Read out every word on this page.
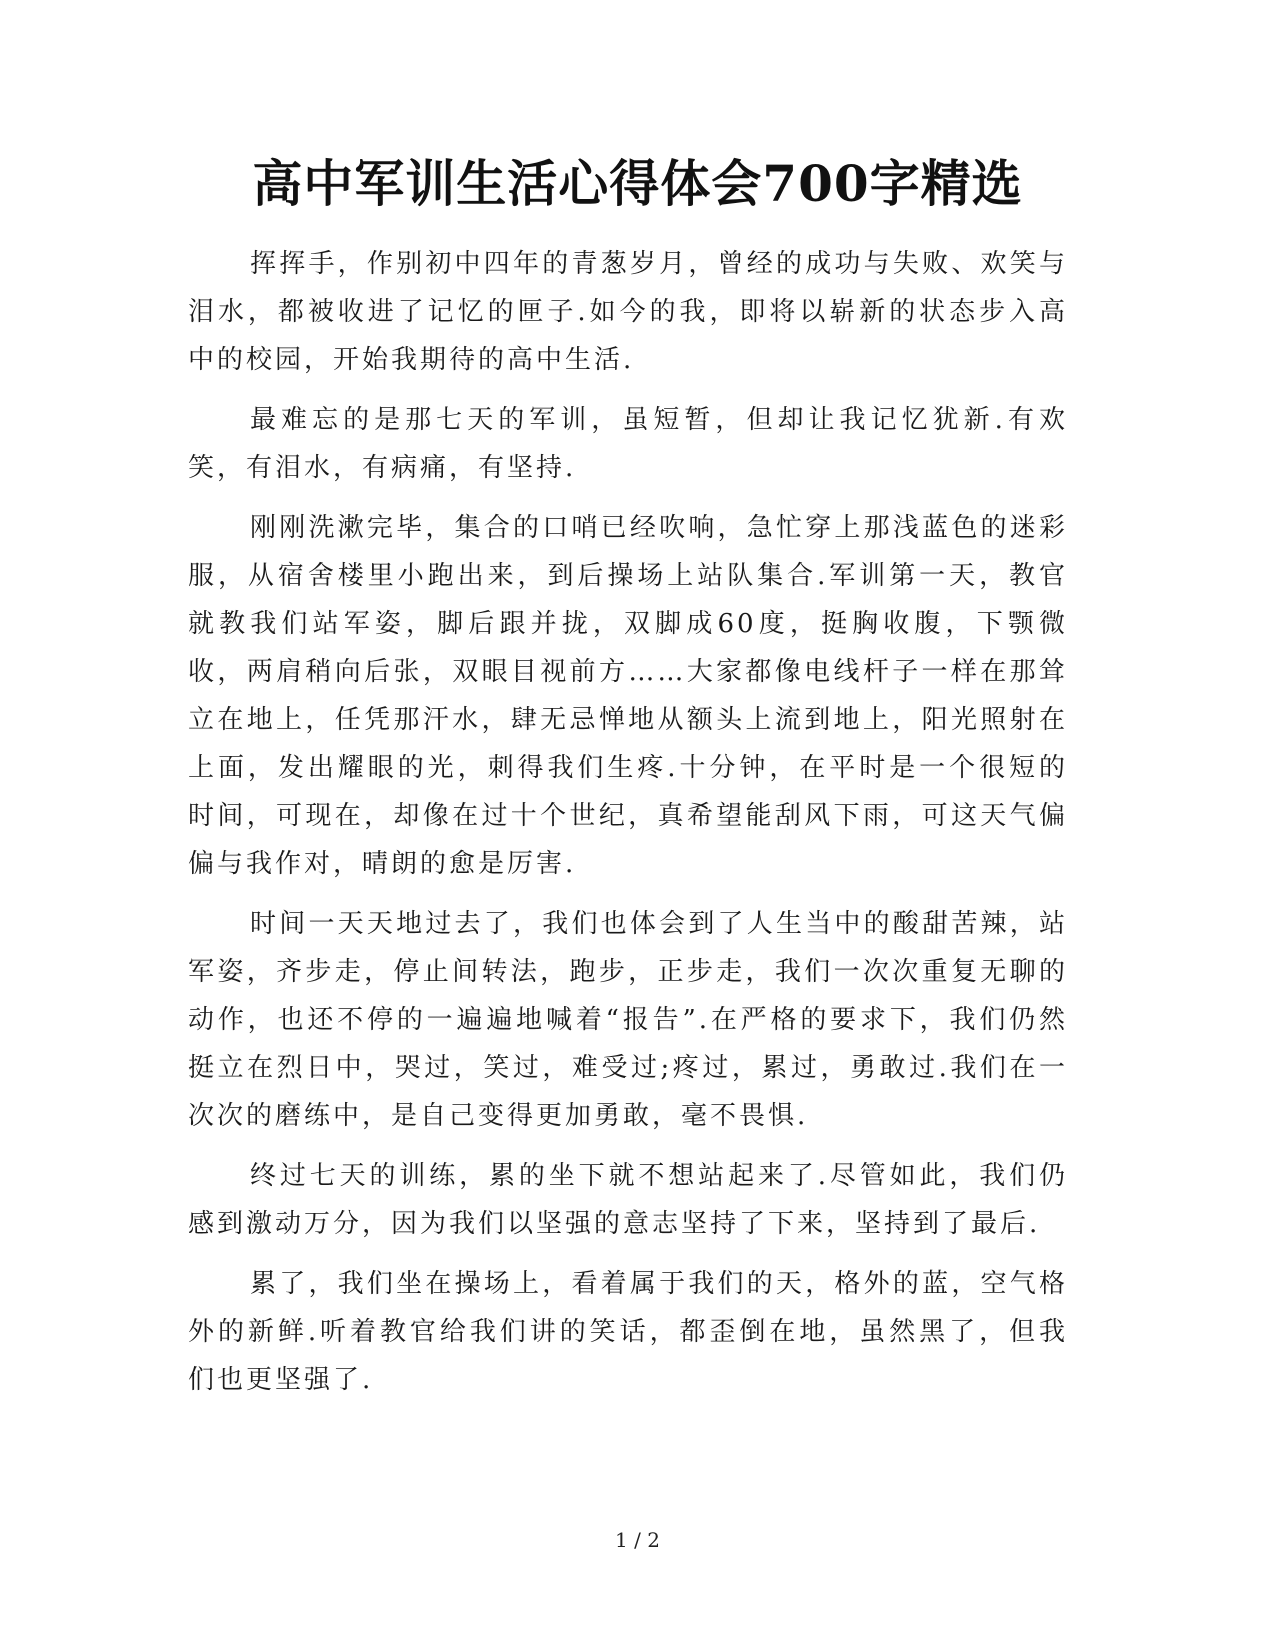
高中军训生活心得体会700字精选

挥挥手，作别初中四年的青葱岁月，曾经的成功与失败、欢笑与泪水，都被收进了记忆的匣子.如今的我，即将以崭新的状态步入高中的校园，开始我期待的高中生活.

最难忘的是那七天的军训，虽短暂，但却让我记忆犹新.有欢笑，有泪水，有病痛，有坚持.

刚刚洗漱完毕，集合的口哨已经吹响，急忙穿上那浅蓝色的迷彩服，从宿舍楼里小跑出来，到后操场上站队集合.军训第一天，教官就教我们站军姿，脚后跟并拢，双脚成60度，挺胸收腹，下颚微收，两肩稍向后张，双眼目视前方……大家都像电线杆子一样在那耸立在地上，任凭那汗水，肆无忌惮地从额头上流到地上，阳光照射在上面，发出耀眼的光，刺得我们生疼.十分钟，在平时是一个很短的时间，可现在，却像在过十个世纪，真希望能刮风下雨，可这天气偏偏与我作对，晴朗的愈是厉害.

时间一天天地过去了，我们也体会到了人生当中的酸甜苦辣，站军姿，齐步走，停止间转法，跑步，正步走，我们一次次重复无聊的动作，也还不停的一遍遍地喊着“报告”.在严格的要求下，我们仍然挺立在烈日中，哭过，笑过，难受过;疼过，累过，勇敢过.我们在一次次的磨练中，是自己变得更加勇敢，毫不畏惧.

终过七天的训练，累的坐下就不想站起来了.尽管如此，我们仍感到激动万分，因为我们以坚强的意志坚持了下来，坚持到了最后.

累了，我们坐在操场上，看着属于我们的天，格外的蓝，空气格外的新鲜.听着教官给我们讲的笑话，都歪倒在地，虽然黑了，但我们也更坚强了.

1 / 2
